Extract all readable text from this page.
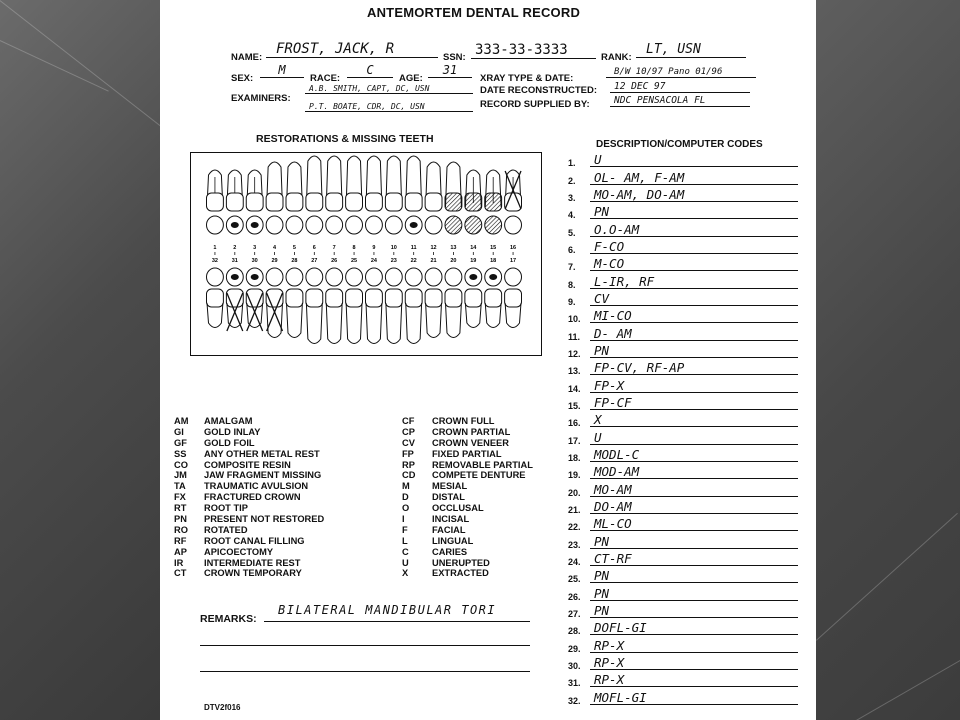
ANTEMORTEM DENTAL RECORD
NAME:
FROST, JACK, R
SSN: 333-33-3333	RANK:
LT, USN
SEX:
M
RACE:
C
AGE:
31
XRAY TYPE & DATE:
B/W 10/97 Pano 01/96
EXAMINERS:
A.B. SMITH, CAPT, DC, USN
P.T. BOATE, CDR, DC, USN
DATE RECONSTRUCTED:	12 DEC 97
RECORD SUPPLIED BY:	NDC PENSACOLA FL
RESTORATIONS & MISSING TEETH
1
32
2
31
3
30
4
29
5
28
6
27
7
26
8
25
9
24
10
23
11
22
12
21
13
20
14
19
15
18
16
17
DESCRIPTION/COMPUTER CODES
1. U
2. OL- AM, F-AM
3. MO-AM, DO-AM
4. PN
5. O.O-AM
6. F-CO
7. M-CO
8. L-IR, RF
9. CV
10. MI-CO
11. D- AM
12. PN
13. FP-CV, RF-AP
14. FP-X
15. FP-CF
16. X
17. U
18. MODL-C
19. MOD-AM
20. MO-AM
21. DO-AM
22. ML-CO
23. PN
24. CT-RF
25. PN
26. PN
27. PN
28. DOFL-GI
29. RP-X
30. RP-X
31. RP-X
32. MOFL-GI
AM AMALGAM
GI GOLD INLAY
GF GOLD FOIL
SS ANY OTHER METAL REST
CO COMPOSITE RESIN
JM JAW FRAGMENT MISSING
TA TRAUMATIC AVULSION
FX FRACTURED CROWN
RT ROOT TIP
PN PRESENT NOT RESTORED
RO ROTATED
RF ROOT CANAL FILLING
AP APICOECTOMY
IR INTERMEDIATE REST
CT CROWN TEMPORARY
CF CROWN FULL
CP CROWN PARTIAL
CV CROWN VENEER
FP FIXED PARTIAL
RP REMOVABLE PARTIAL
CD COMPETE DENTURE
M MESIAL
D	DISTAL
O OCCLUSAL
I	INCISAL
F	FACIAL
L	LINGUAL
C	CARIES
U	UNERUPTED
X	EXTRACTED
REMARKS:
BILATERAL MANDIBULAR TORI
DTV2f016
